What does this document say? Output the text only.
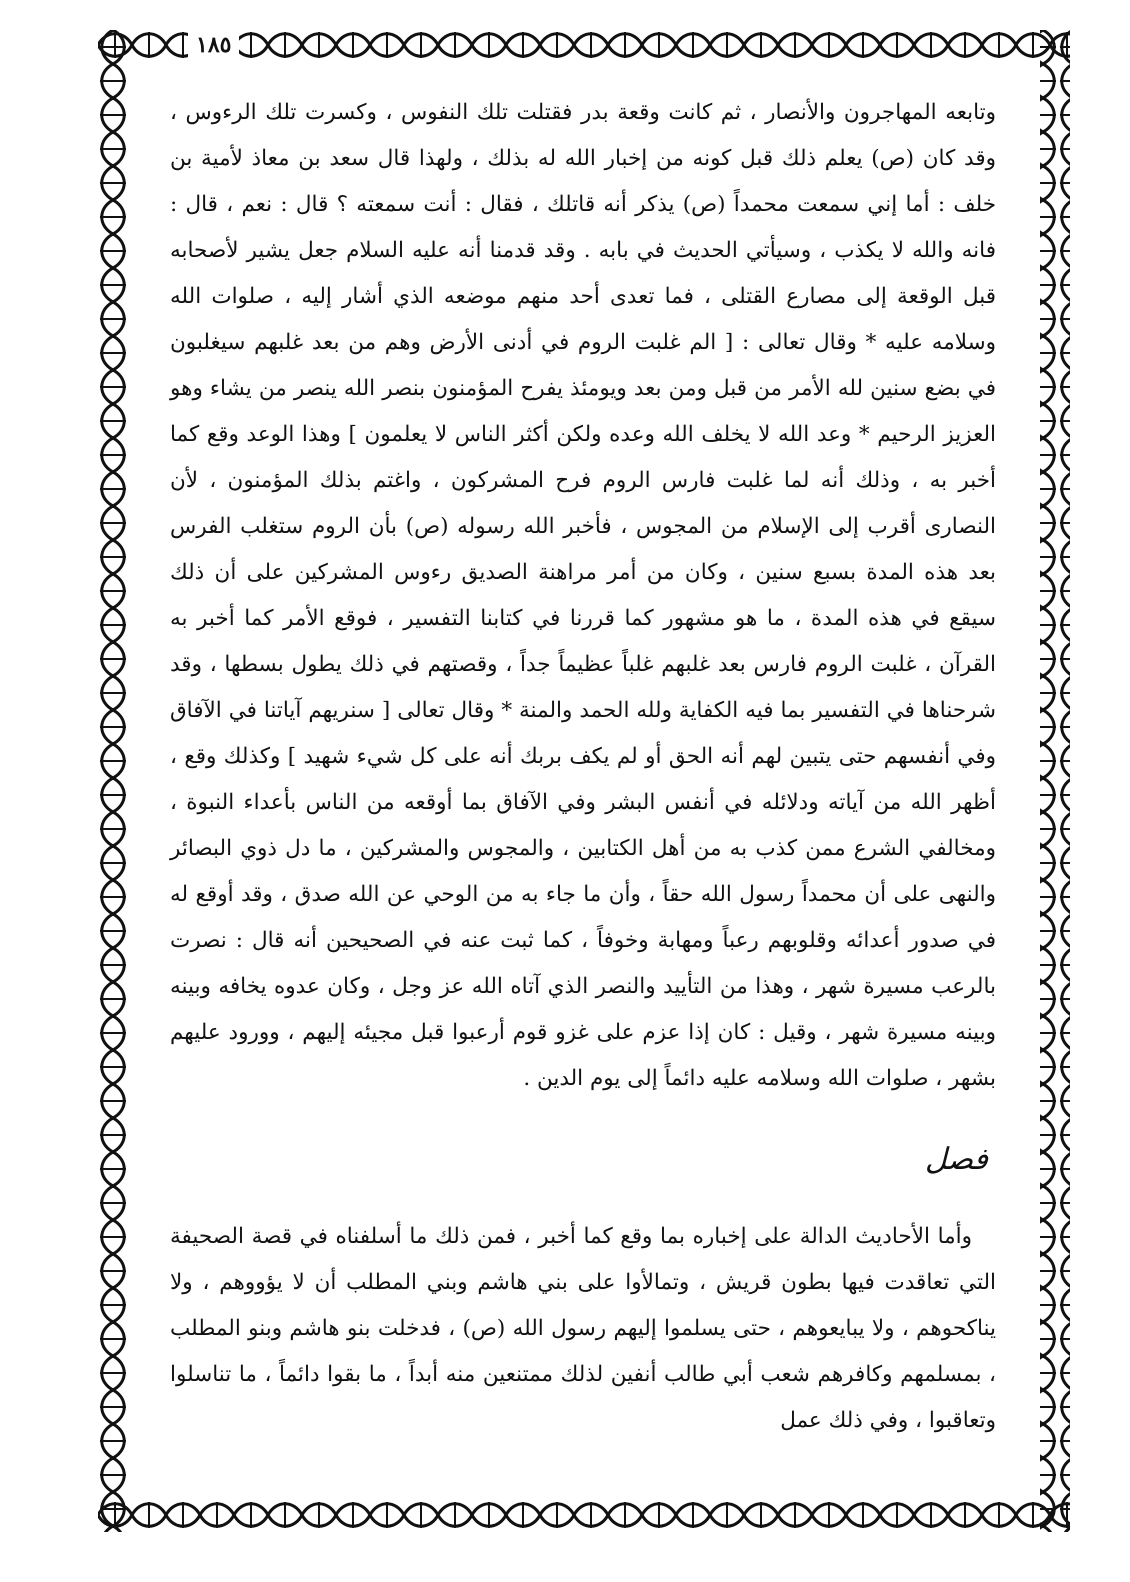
١٨٥

وتابعه المهاجرون والأنصار ، ثم كانت وقعة بدر فقتلت تلك النفوس ، وكسرت تلك الرءوس ، وقد كان (ص) يعلم ذلك قبل كونه من إخبار الله له بذلك ، ولهذا قال سعد بن معاذ لأمية بن خلف : أما إني سمعت محمداً (ص) يذكر أنه قاتلك ، فقال : أنت سمعته ؟ قال : نعم ، قال : فانه والله لا يكذب ، وسيأتي الحديث في بابه . وقد قدمنا أنه عليه السلام جعل يشير لأصحابه قبل الوقعة إلى مصارع القتلى ، فما تعدى أحد منهم موضعه الذي أشار إليه ، صلوات الله وسلامه عليه * وقال تعالى : [ الم غلبت الروم في أدنى الأرض وهم من بعد غلبهم سيغلبون في بضع سنين لله الأمر من قبل ومن بعد ويومئذ يفرح المؤمنون بنصر الله ينصر من يشاء وهو العزيز الرحيم * وعد الله لا يخلف الله وعده ولكن أكثر الناس لا يعلمون ] وهذا الوعد وقع كما أخبر به ، وذلك أنه لما غلبت فارس الروم فرح المشركون ، واغتم بذلك المؤمنون ، لأن النصارى أقرب إلى الإسلام من المجوس ، فأخبر الله رسوله (ص) بأن الروم ستغلب الفرس بعد هذه المدة بسبع سنين ، وكان من أمر مراهنة الصديق رءوس المشركين على أن ذلك سيقع في هذه المدة ، ما هو مشهور كما قررنا في كتابنا التفسير ، فوقع الأمر كما أخبر به القرآن ، غلبت الروم فارس بعد غلبهم غلباً عظيماً جداً ، وقصتهم في ذلك يطول بسطها ، وقد شرحناها في التفسير بما فيه الكفاية ولله الحمد والمنة * وقال تعالى [ سنريهم آياتنا في الآفاق وفي أنفسهم حتى يتبين لهم أنه الحق أو لم يكف بربك أنه على كل شيء شهيد ] وكذلك وقع ، أظهر الله من آياته ودلائله في أنفس البشر وفي الآفاق بما أوقعه من الناس بأعداء النبوة ، ومخالفي الشرع ممن كذب به من أهل الكتابين ، والمجوس والمشركين ، ما دل ذوي البصائر والنهى على أن محمداً رسول الله حقاً ، وأن ما جاء به من الوحي عن الله صدق ، وقد أوقع له في صدور أعدائه وقلوبهم رعباً ومهابة وخوفاً ، كما ثبت عنه في الصحيحين أنه قال : نصرت بالرعب مسيرة شهر ، وهذا من التأييد والنصر الذي آتاه الله عز وجل ، وكان عدوه يخافه وبينه وبينه مسيرة شهر ، وقيل : كان إذا عزم على غزو قوم أرعبوا قبل مجيئه إليهم ، وورود عليهم بشهر ، صلوات الله وسلامه عليه دائماً إلى يوم الدين .

فصل

وأما الأحاديث الدالة على إخباره بما وقع كما أخبر ، فمن ذلك ما أسلفناه في قصة الصحيفة التي تعاقدت فيها بطون قريش ، وتمالأوا على بني هاشم وبني المطلب أن لا يؤووهم ، ولا يناكحوهم ، ولا يبايعوهم ، حتى يسلموا إليهم رسول الله (ص) ، فدخلت بنو هاشم وبنو المطلب ، بمسلمهم وكافرهم شعب أبي طالب أنفين لذلك ممتنعين منه أبداً ، ما بقوا دائماً ، ما تناسلوا وتعاقبوا ، وفي ذلك عمل
